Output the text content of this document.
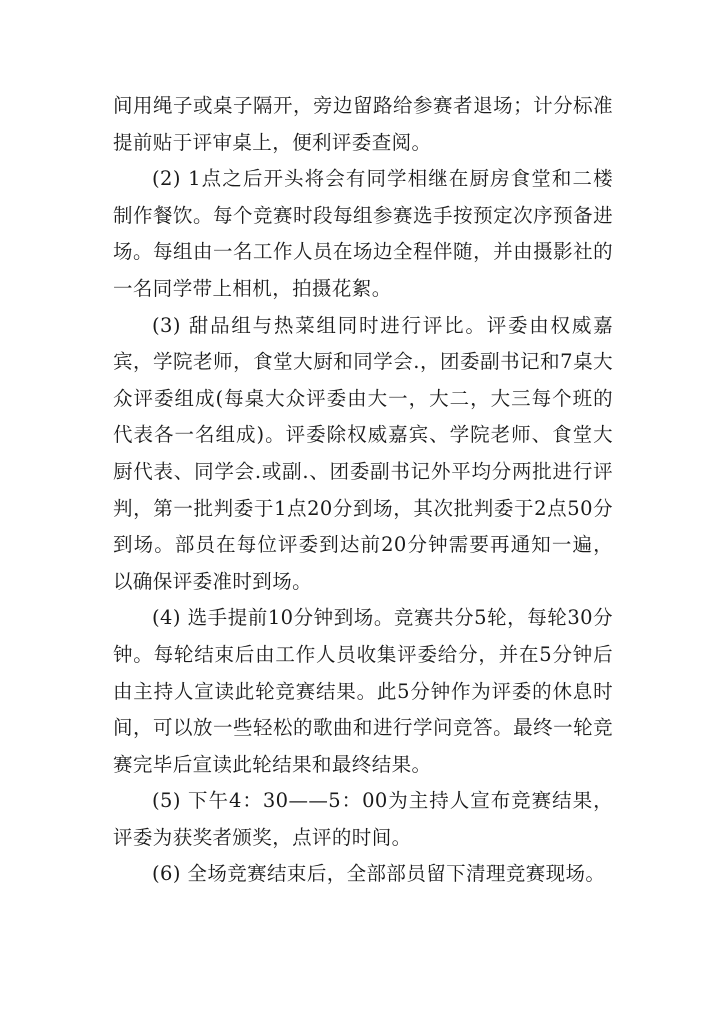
间用绳子或桌子隔开，旁边留路给参赛者退场；计分标准提前贴于评审桌上，便利评委查阅。

(2) 1点之后开头将会有同学相继在厨房食堂和二楼制作餐饮。每个竞赛时段每组参赛选手按预定次序预备进场。每组由一名工作人员在场边全程伴随，并由摄影社的一名同学带上相机，拍摄花絮。

(3) 甜品组与热菜组同时进行评比。评委由权威嘉宾，学院老师，食堂大厨和同学会.，团委副书记和7桌大众评委组成(每桌大众评委由大一，大二，大三每个班的代表各一名组成)。评委除权威嘉宾、学院老师、食堂大厨代表、同学会.或副.、团委副书记外平均分两批进行评判，第一批判委于1点20分到场，其次批判委于2点50分到场。部员在每位评委到达前20分钟需要再通知一遍，以确保评委准时到场。

(4) 选手提前10分钟到场。竞赛共分5轮，每轮30分钟。每轮结束后由工作人员收集评委给分，并在5分钟后由主持人宣读此轮竞赛结果。此5分钟作为评委的休息时间，可以放一些轻松的歌曲和进行学问竞答。最终一轮竞赛完毕后宣读此轮结果和最终结果。

(5) 下午4：30——5：00为主持人宣布竞赛结果，评委为获奖者颁奖，点评的时间。

(6) 全场竞赛结束后，全部部员留下清理竞赛现场。
